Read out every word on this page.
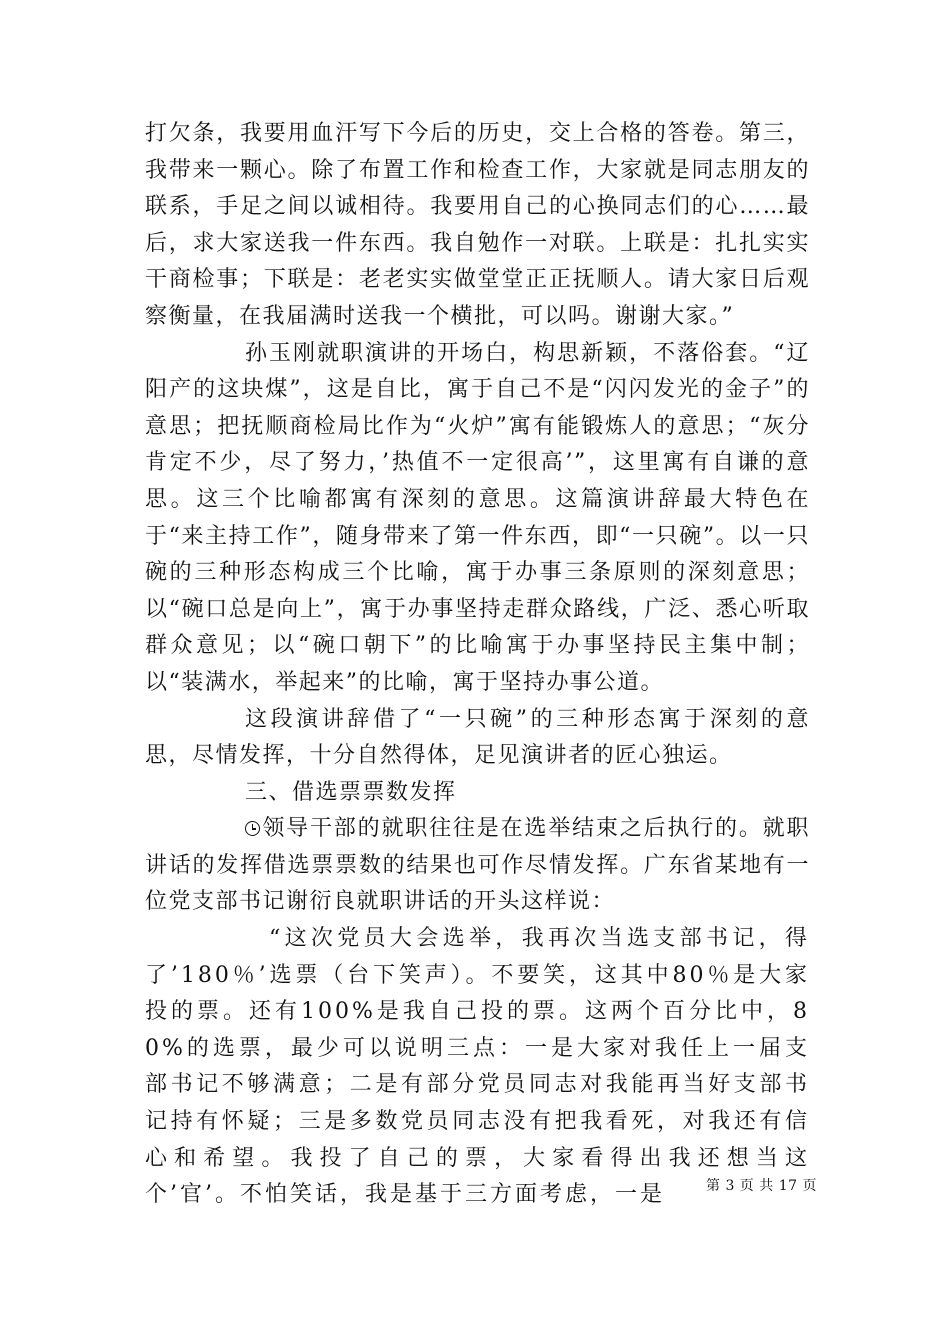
打欠条，我要用血汗写下今后的历史，交上合格的答卷。第三，我带来一颗心。除了布置工作和检查工作，大家就是同志朋友的联系，手足之间以诚相待。我要用自己的心换同志们的心……最后，求大家送我一件东西。我自勉作一对联。上联是：扎扎实实干商检事；下联是：老老实实做堂堂正正抚顺人。请大家日后观察衡量，在我届满时送我一个横批，可以吗。谢谢大家。”

孙玉刚就职演讲的开场白，构思新颖，不落俗套。“辽阳产的这块煤”，这是自比，寓于自己不是“闪闪发光的金子”的意思；把抚顺商检局比作为“火炉”寓有能锻炼人的意思；“灰分肯定不少，尽了努力，’热值不一定很高’”，这里寓有自谦的意思。这三个比喻都寓有深刻的意思。这篇演讲辞最大特色在于“来主持工作”，随身带来了第一件东西，即“一只碗”。以一只碗的三种形态构成三个比喻，寓于办事三条原则的深刻意思；以“碗口总是向上”，寓于办事坚持走群众路线，广泛、悉心听取群众意见；以“碗口朝下”的比喻寓于办事坚持民主集中制；以“装满水，举起来”的比喻，寓于坚持办事公道。

这段演讲辞借了“一只碗”的三种形态寓于深刻的意思，尽情发挥，十分自然得体，足见演讲者的匠心独运。

三、借选票票数发挥

领导干部的就职往往是在选举结束之后执行的。就职讲话的发挥借选票票数的结果也可作尽情发挥。广东省某地有一位党支部书记谢衍良就职讲话的开头这样说：

“这次党员大会选举，我再次当选支部书记，得了’180％’选票（台下笑声）。不要笑，这其中80％是大家投的票。还有100%是我自己投的票。这两个百分比中，80%的选票，最少可以说明三点：一是大家对我任上一届支部书记不够满意；二是有部分党员同志对我能再当好支部书记持有怀疑；三是多数党员同志没有把我看死，对我还有信心和希望。我投了自己的票，大家看得出我还想当这个’官’。不怕笑话，我是基于三方面考虑，一是	第 3 页 共 17 页
